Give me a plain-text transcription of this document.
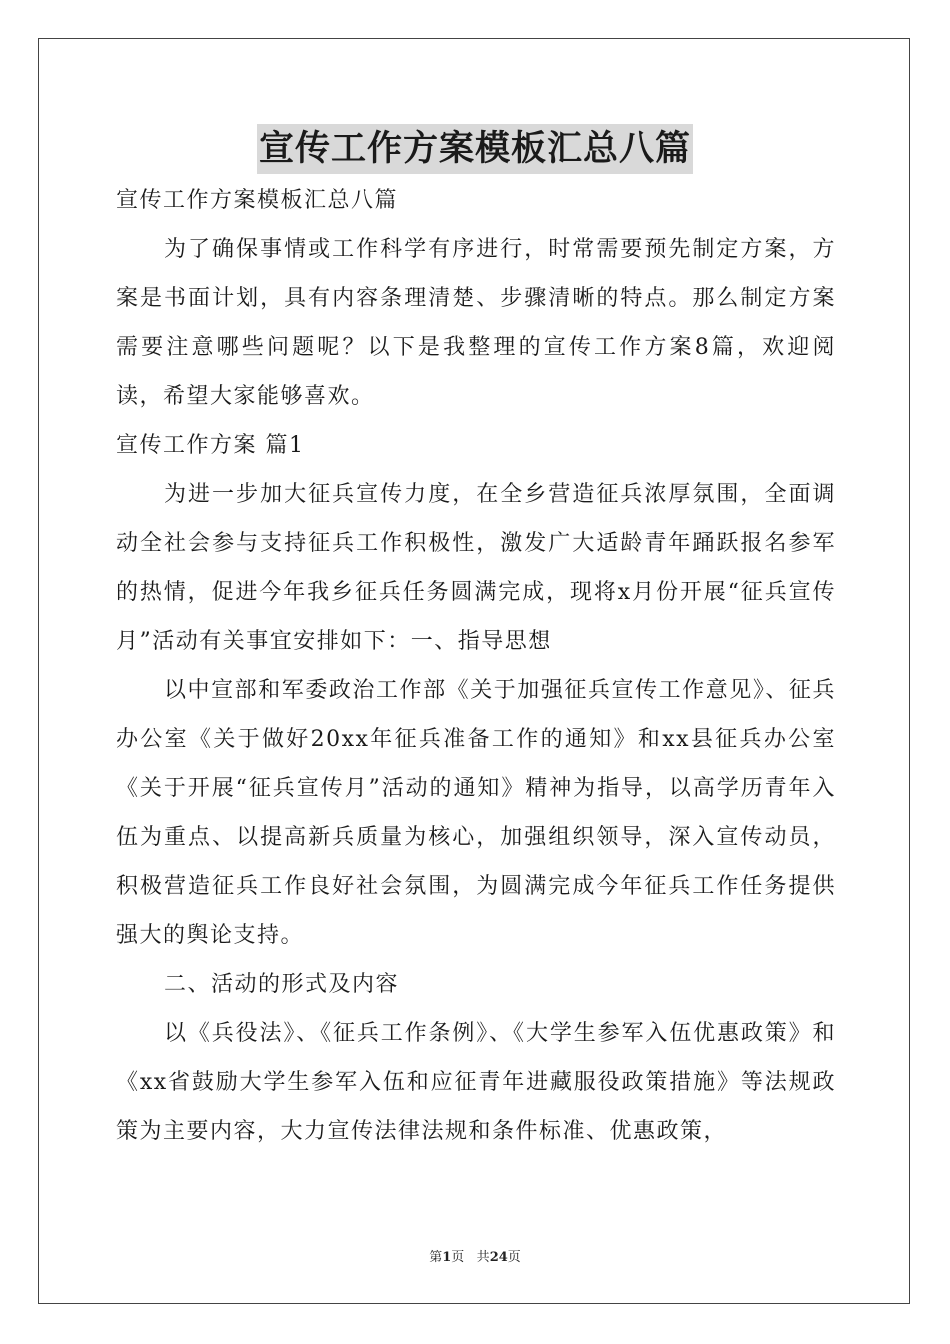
宣传工作方案模板汇总八篇

宣传工作方案模板汇总八篇

为了确保事情或工作科学有序进行，时常需要预先制定方案，方案是书面计划，具有内容条理清楚、步骤清晰的特点。那么制定方案需要注意哪些问题呢？以下是我整理的宣传工作方案8篇，欢迎阅读，希望大家能够喜欢。

宣传工作方案 篇1

为进一步加大征兵宣传力度，在全乡营造征兵浓厚氛围，全面调动全社会参与支持征兵工作积极性，激发广大适龄青年踊跃报名参军的热情，促进今年我乡征兵任务圆满完成，现将x月份开展“征兵宣传月”活动有关事宜安排如下：一、指导思想

以中宣部和军委政治工作部《关于加强征兵宣传工作意见》、征兵办公室《关于做好20xx年征兵准备工作的通知》和xx县征兵办公室《关于开展“征兵宣传月”活动的通知》精神为指导，以高学历青年入伍为重点、以提高新兵质量为核心，加强组织领导，深入宣传动员，积极营造征兵工作良好社会氛围，为圆满完成今年征兵工作任务提供强大的舆论支持。

二、活动的形式及内容

以《兵役法》、《征兵工作条例》、《大学生参军入伍优惠政策》和《xx省鼓励大学生参军入伍和应征青年进藏服役政策措施》等法规政策为主要内容，大力宣传法律法规和条件标准、优惠政策，

第1页 共24页
